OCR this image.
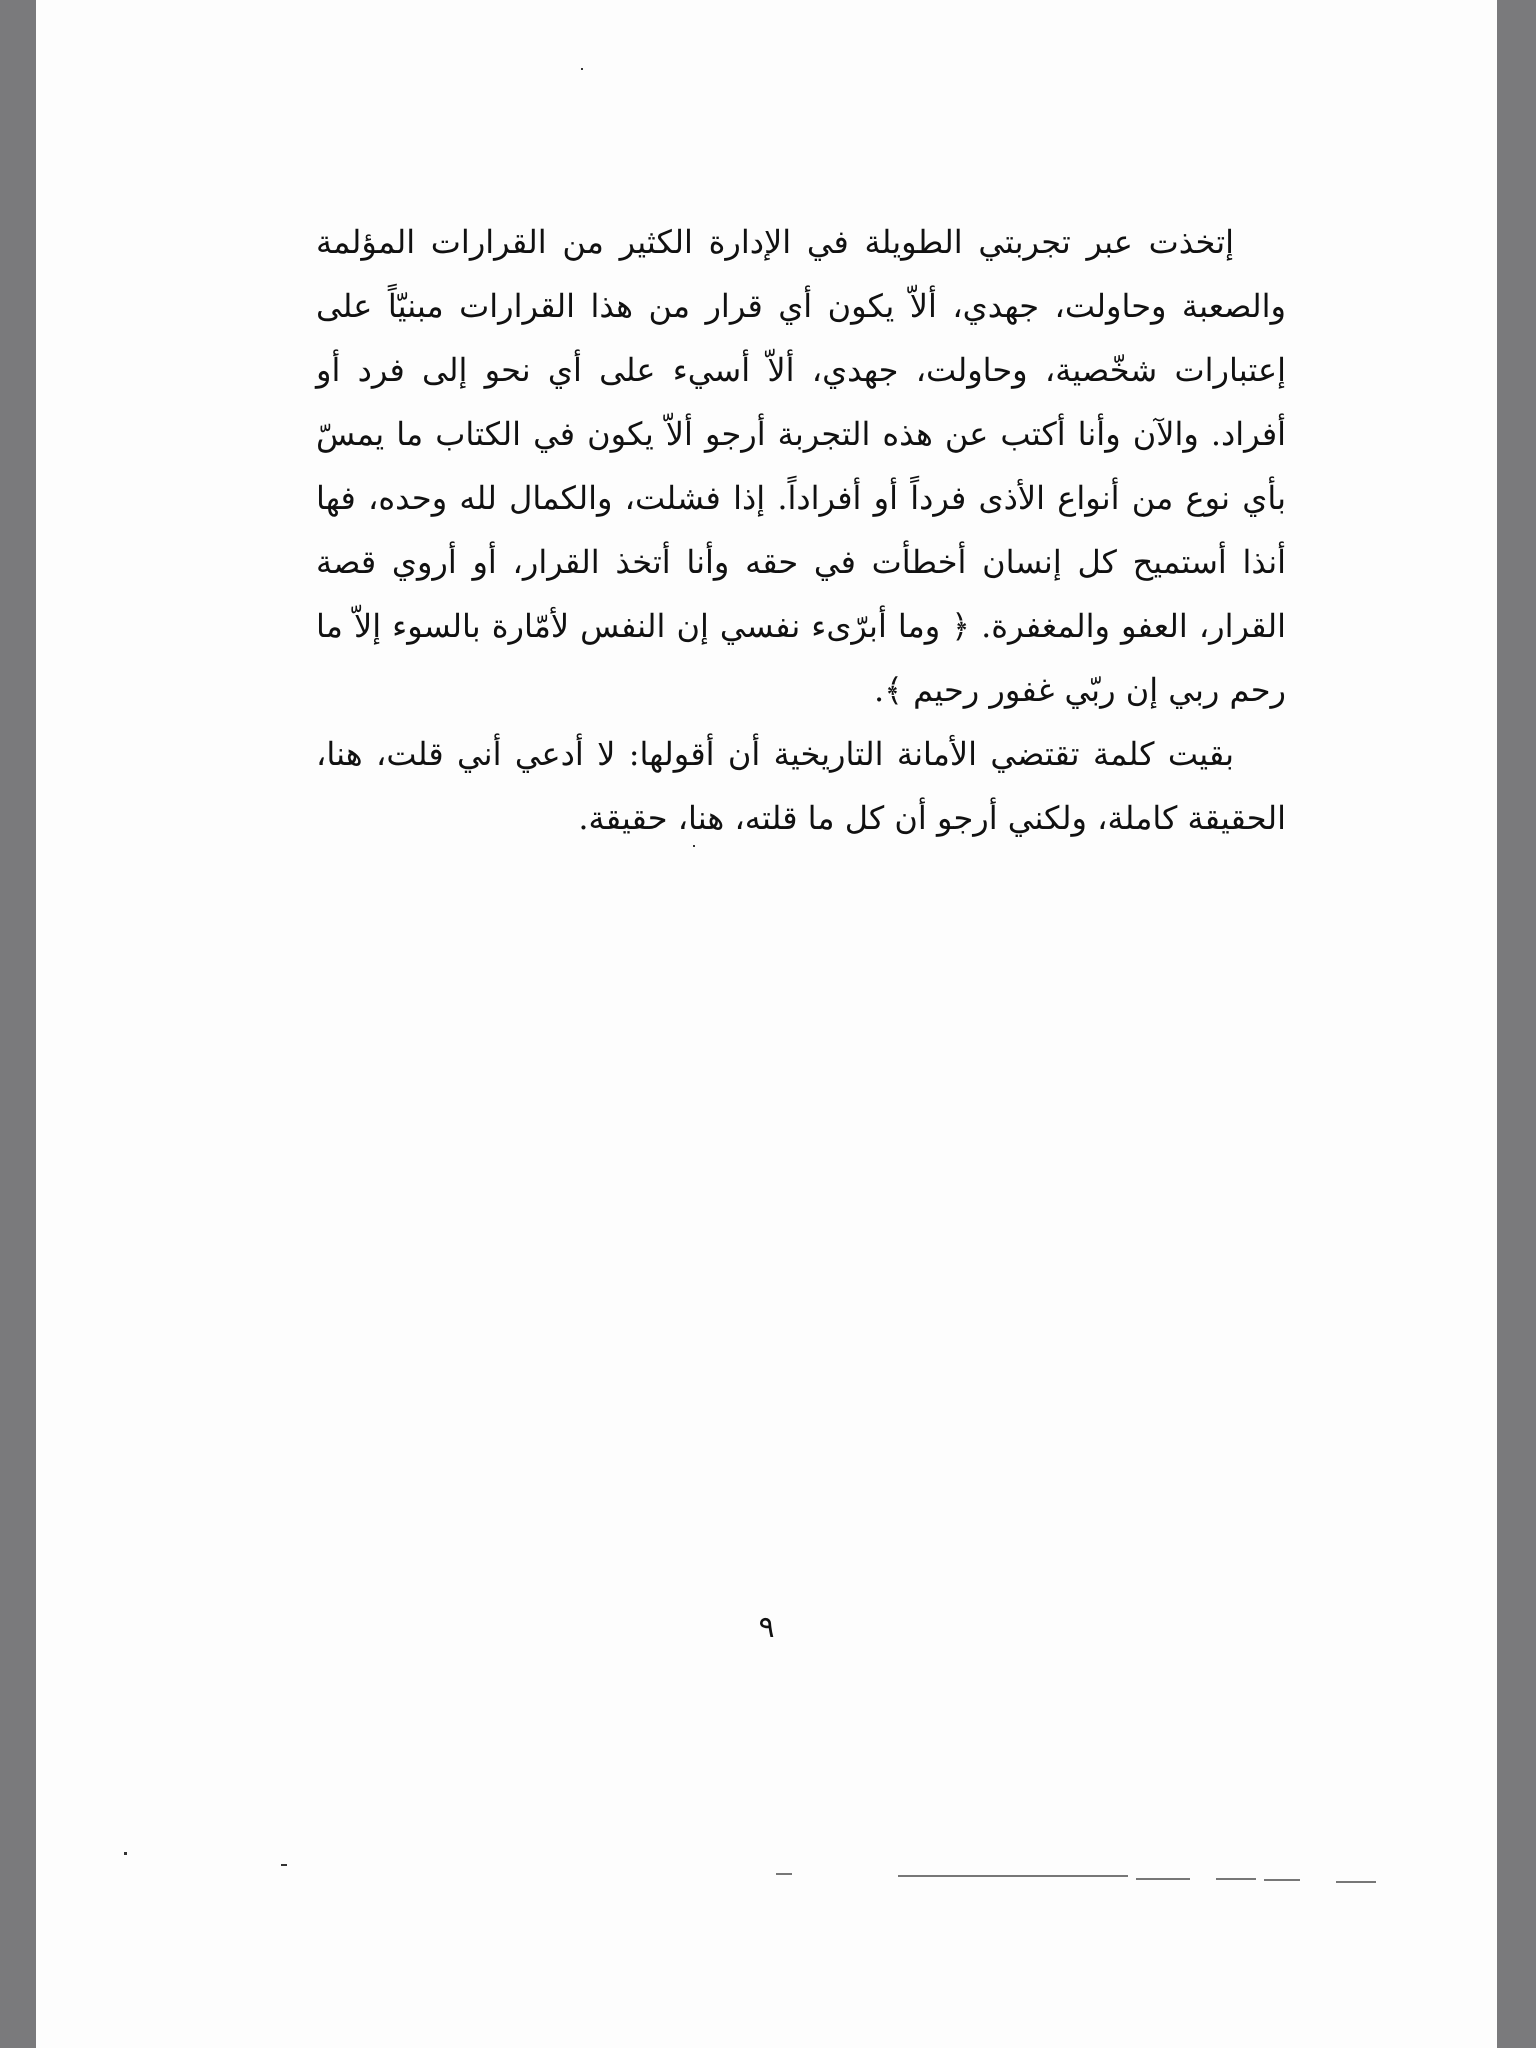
إتخذت عبر تجربتي الطويلة في الإدارة الكثير من القرارات المؤلمة والصعبة وحاولت، جهدي، ألاّ يكون أي قرار من هذا القرارات مبنيّاً على إعتبارات شخّصية، وحاولت، جهدي، ألاّ أسيء على أي نحو إلى فرد أو أفراد. والآن وأنا أكتب عن هذه التجربة أرجو ألاّ يكون في الكتاب ما يمسّ بأي نوع من أنواع الأذى فرداً أو أفراداً. إذا فشلت، والكمال لله وحده، فها أنذا أستميح كل إنسان أخطأت في حقه وأنا أتخذ القرار، أو أروي قصة القرار، العفو والمغفرة. ﴿ وما أبرّىء نفسي إن النفس لأمّارة بالسوء إلاّ ما رحم ربي إن ربّي غفور رحيم ﴾.

بقيت كلمة تقتضي الأمانة التاريخية أن أقولها: لا أدعي أني قلت، هنا، الحقيقة كاملة، ولكني أرجو أن كل ما قلته، هنا، حقيقة.

٩
